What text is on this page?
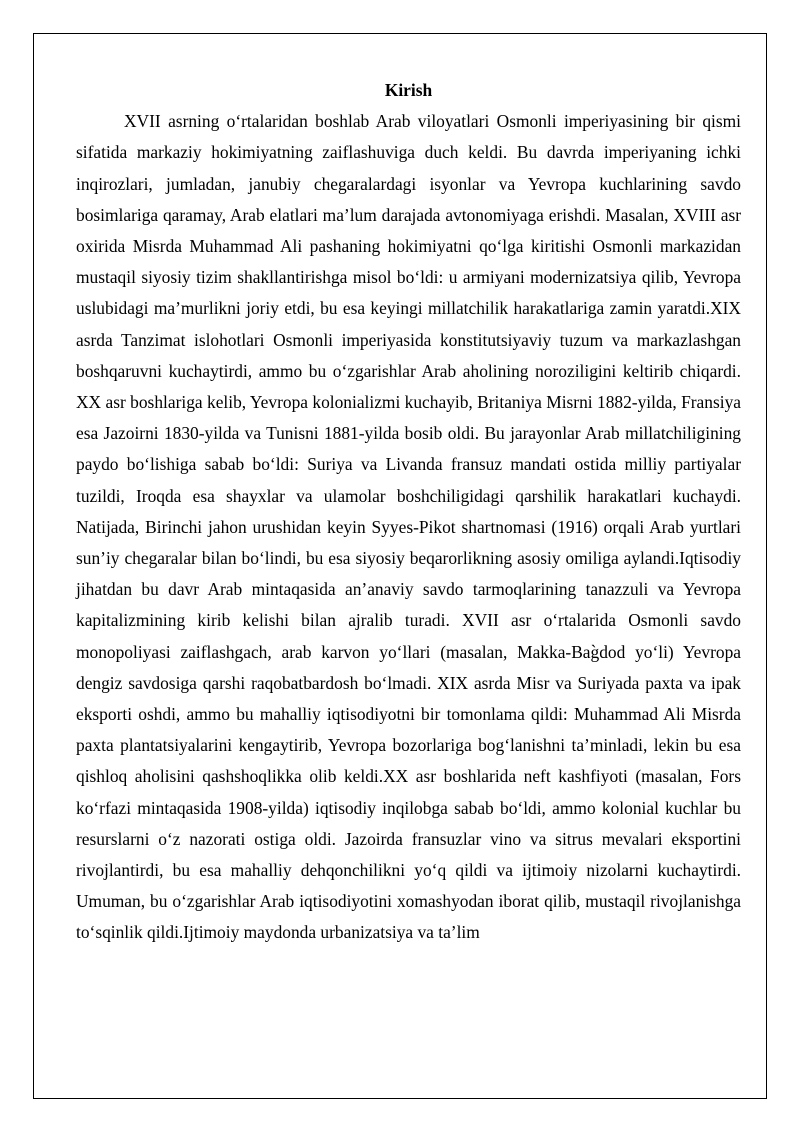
Kirish

XVII asrning o‘rtalaridan boshlab Arab viloyatlari Osmonli imperiyasining bir qismi sifatida markaziy hokimiyatning zaiflashuviga duch keldi. Bu davrda imperiyaning ichki inqirozlari, jumladan, janubiy chegaralardagi isyonlar va Yevropa kuchlarining savdo bosimlariga qaramay, Arab elatlari ma’lum darajada avtonomiyaga erishdi. Masalan, XVIII asr oxirida Misrda Muhammad Ali pashaning hokimiyatni qo‘lga kiritishi Osmonli markazidan mustaqil siyosiy tizim shakllantirishga misol bo‘ldi: u armiyani modernizatsiya qilib, Yevropa uslubidagi ma’murlikni joriy etdi, bu esa keyingi millatchilik harakatlariga zamin yaratdi.XIX asrda Tanzimat islohotlari Osmonli imperiyasida konstitutsiyaviy tuzum va markazlashgan boshqaruvni kuchaytirdi, ammo bu o‘zgarishlar Arab aholining noroziligini keltirib chiqardi. XX asr boshlariga kelib, Yevropa kolonializmi kuchayib, Britaniya Misrni 1882-yilda, Fransiya esa Jazoirni 1830-yilda va Tunisni 1881-yilda bosib oldi. Bu jarayonlar Arab millatchiligining paydo bo‘lishiga sabab bo‘ldi: Suriya va Livanda fransuz mandati ostida milliy partiyalar tuzildi, Iroqda esa shayxlar va ulamolar boshchiligidagi qarshilik harakatlari kuchaydi. Natijada, Birinchi jahon urushidan keyin Syyes-Pikot shartnomasi (1916) orqali Arab yurtlari sun’iy chegaralar bilan bo‘lindi, bu esa siyosiy beqarorlikning asosiy omiliga aylandi.Iqtisodiy jihatdan bu davr Arab mintaqasida an’anaviy savdo tarmoqlarining tanazzuli va Yevropa kapitalizmining kirib kelishi bilan ajralib turadi. XVII asr o‘rtalarida Osmonli savdo monopoliyasi zaiflashgach, arab karvon yo‘llari (masalan, Makka-Bag̀dod yo‘li) Yevropa dengiz savdosiga qarshi raqobatbardosh bo‘lmadi. XIX asrda Misr va Suriyada paxta va ipak eksporti oshdi, ammo bu mahalliy iqtisodiyotni bir tomonlama qildi: Muhammad Ali Misrda paxta plantatsiyalarini kengaytirib, Yevropa bozorlariga bog‘lanishni ta’minladi, lekin bu esa qishloq aholisini qashshoqlikka olib keldi.XX asr boshlarida neft kashfiyoti (masalan, Fors ko‘rfazi mintaqasida 1908-yilda) iqtisodiy inqilobga sabab bo‘ldi, ammo kolonial kuchlar bu resurslarni o‘z nazorati ostiga oldi. Jazoirda fransuzlar vino va sitrus mevalari eksportini rivojlantirdi, bu esa mahalliy dehqonchilikni yo‘q qildi va ijtimoiy nizolarni kuchaytirdi. Umuman, bu o‘zgarishlar Arab iqtisodiyotini xomashyodan iborat qilib, mustaqil rivojlanishga to‘sqinlik qildi.Ijtimoiy maydonda urbanizatsiya va ta’lim
